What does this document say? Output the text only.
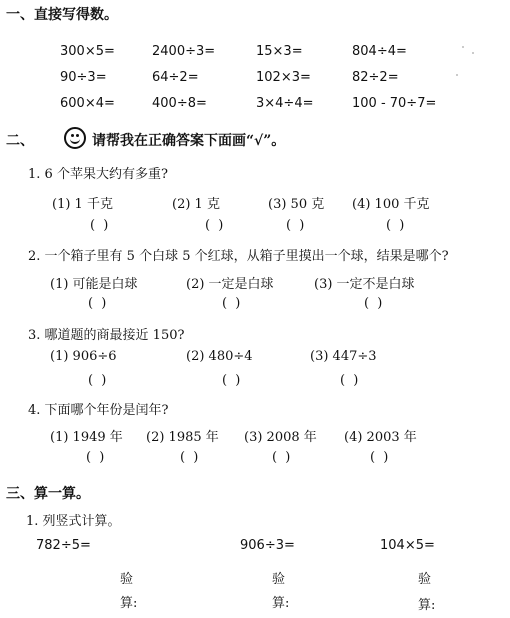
一、直接写得数。
300×5=	2400÷3=	15×3=	804÷4=
90÷3=	64÷2=	102×3=	82÷2=
600×4=	400÷8=	3×4÷4=	100 - 70÷7=
二、	请帮我在正确答案下面画“√”。
1. 6 个苹果大约有多重?
(1) 1 千克	(2) 1 克	(3) 50 克 (4) 100 千克
( )	( )	( )	( )
2. 一个箱子里有 5 个白球 5 个红球，从箱子里摸出一个球，结果是哪个?
(1) 可能是白球	(2) 一定是白球	(3) 一定不是白球
( )	( )	( )
3. 哪道题的商最接近 150?
(1) 906÷6	(2) 480÷4	(3) 447÷3
( )	( )	( )
4. 下面哪个年份是闰年?
(1) 1949 年 (2) 1985 年 (3) 2008 年 (4) 2003 年
( )	( )	( )	( )
三、算一算。
1. 列竖式计算。
782÷5=	906÷3=	104×5=
验	验	验
算:	算:	算:
